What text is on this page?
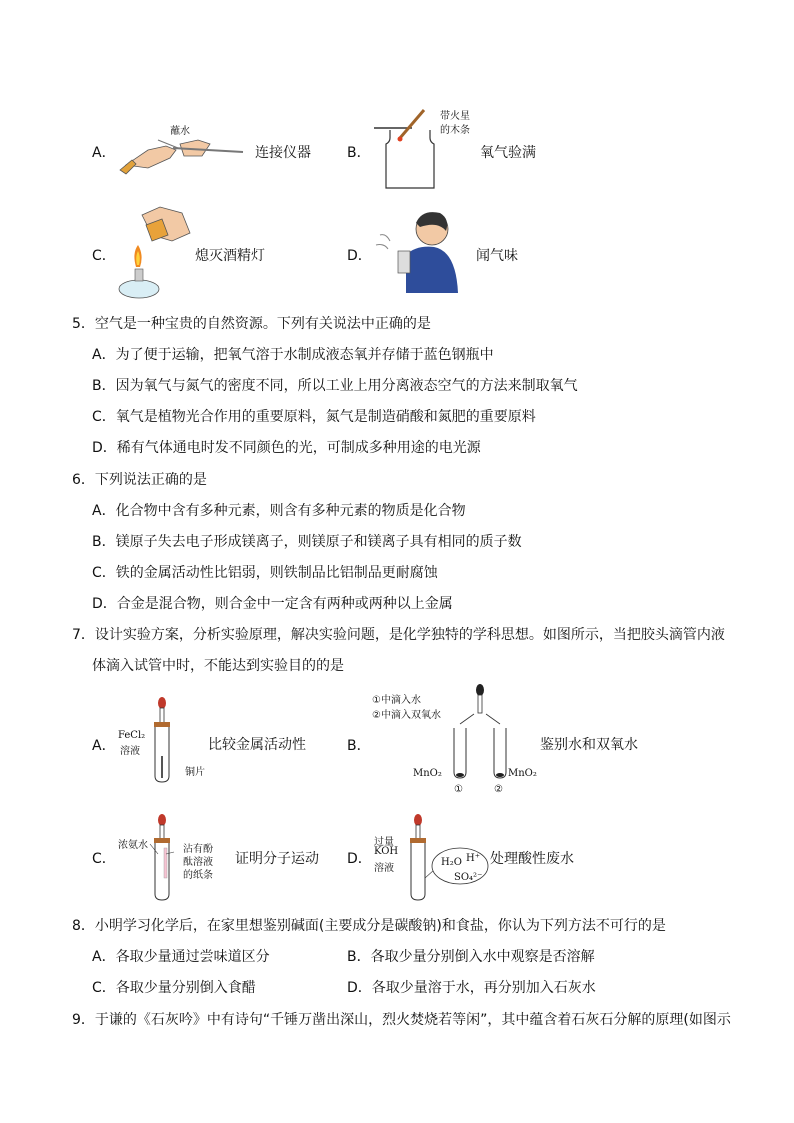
A．
蘸水
连接仪器	B．
带火星
的木条
氧气验满
C．	熄灭酒精灯	D．	闻气味
5．空气是一种宝贵的自然资源。下列有关说法中正确的是
A．为了便于运输，把氧气溶于水制成液态氧并存储于蓝色钢瓶中
B．因为氧气与氮气的密度不同，所以工业上用分离液态空气的方法来制取氧气
C．氧气是植物光合作用的重要原料，氮气是制造硝酸和氮肥的重要原料
D．稀有气体通电时发不同颜色的光，可制成多种用途的电光源
6．下列说法正确的是
A．化合物中含有多种元素，则含有多种元素的物质是化合物
B．镁原子失去电子形成镁离子，则镁原子和镁离子具有相同的质子数
C．铁的金属活动性比铝弱，则铁制品比铝制品更耐腐蚀
D．合金是混合物，则合金中一定含有两种或两种以上金属
7．设计实验方案，分析实验原理，解决实验问题，是化学独特的学科思想。如图所示，当把胶头滴管内液
体滴入试管中时，不能达到实验目的的是
A．
FeCl₂
溶液
铜片
比较金属活动性	B．
①中滴入水
②中滴入双氧水
MnO₂	MnO₂
①	②
鉴别水和双氧水
C．
浓氨水	沾有酚
酞溶液
的纸条
证明分子运动 D．
过量
KOH
溶液
H₂O H⁺
SO₄²⁻
处理酸性废水
8．小明学习化学后，在家里想鉴别碱面(主要成分是碳酸钠)和食盐，你认为下列方法不可行的是
A．各取少量通过尝味道区分	B．各取少量分别倒入水中观察是否溶解
C．各取少量分别倒入食醋	D．各取少量溶于水，再分别加入石灰水
9．于谦的《石灰吟》中有诗句“千锤万凿出深山，烈火焚烧若等闲”，其中蕴含着石灰石分解的原理(如图示
